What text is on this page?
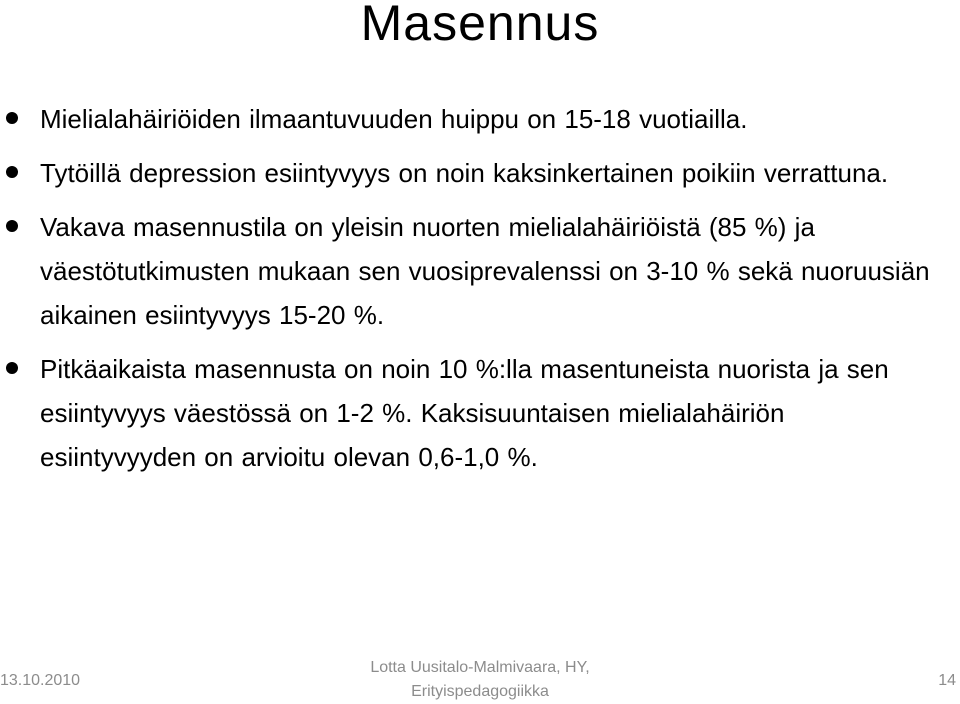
Masennus
Mielialahäiriöiden ilmaantuvuuden huippu on 15-18 vuotiailla.
Tytöillä depression esiintyvyys on noin kaksinkertainen poikiin verrattuna.
Vakava masennustila on yleisin nuorten mielialahäiriöistä (85 %) ja väestötutkimusten mukaan sen vuosiprevalenssi on 3-10 % sekä nuoruusiän aikainen esiintyvyys 15-20 %.
Pitkäaikaista masennusta on noin 10 %:lla masentuneista nuorista ja sen esiintyvyys väestössä on 1-2 %. Kaksisuuntaisen mielialahäiriön esiintyvyyden on arvioitu olevan 0,6-1,0 %.
13.10.2010
Lotta Uusitalo-Malmivaara, HY,
Erityispedagogiikka
14
